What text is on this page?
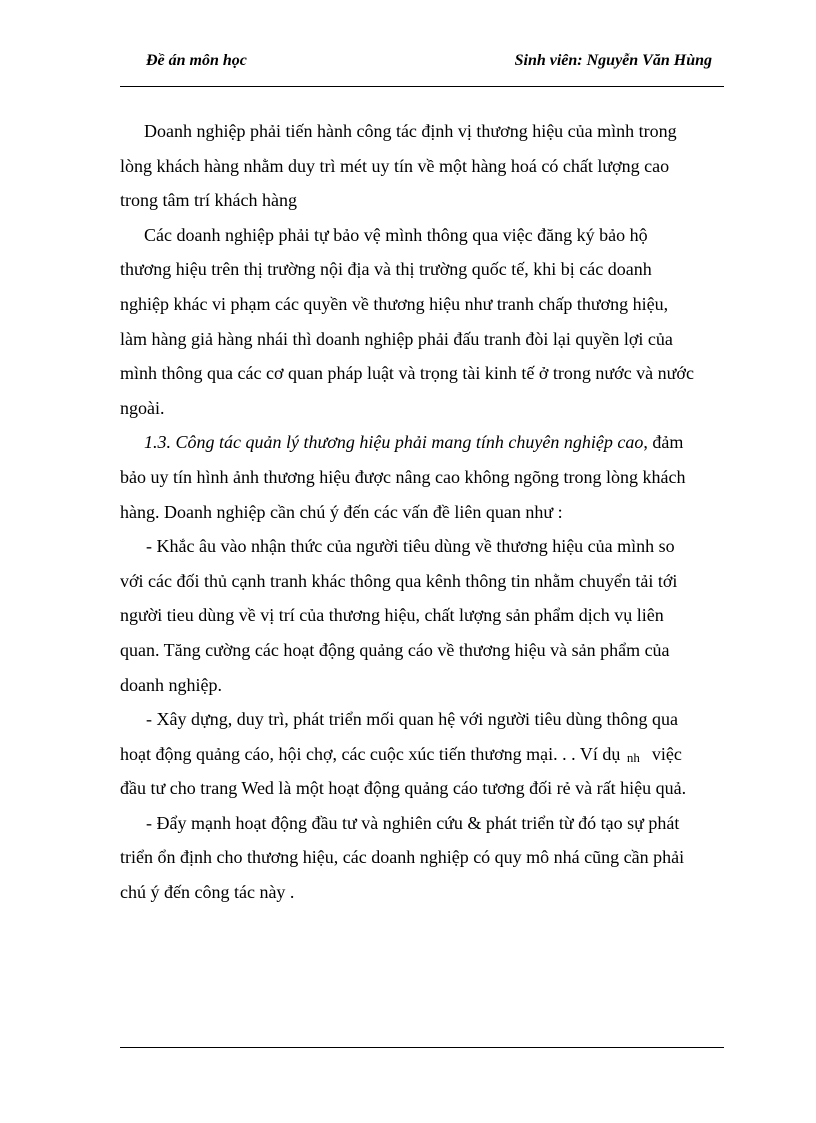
Đề án môn học	Sinh viên: Nguyễn Văn Hùng
Doanh nghiệp phải tiến hành công tác định vị thương hiệu của mình trong
lòng khách hàng nhằm duy trì mét uy tín về một hàng hoá có chất lượng cao
trong tâm trí khách hàng
Các doanh nghiệp phải tự bảo vệ mình thông qua việc đăng ký bảo hộ
thương hiệu trên thị trường nội địa và thị trường quốc tế, khi bị các doanh
nghiệp khác vi phạm các quyền về thương hiệu như tranh chấp thương hiệu,
làm hàng giả hàng nhái thì doanh nghiệp phải đấu tranh đòi lại quyền lợi của
mình thông qua các cơ quan pháp luật và trọng tài kinh tế ở trong nước và nước
ngoài.
1.3. Công tác quản lý thương hiệu phải mang tính chuyên nghiệp cao, đảm
bảo uy tín hình ảnh thương hiệu được nâng cao không ngõng trong lòng khách
hàng. Doanh nghiệp cần chú ý đến các vấn đề liên quan như :
- Khắc âu vào nhận thức của người tiêu dùng về thương hiệu của mình so
với các đối thủ cạnh tranh khác thông qua kênh thông tin nhằm chuyển tải tới
người tieu dùng về vị trí của thương hiệu, chất lượng sản phẩm dịch vụ liên
quan. Tăng cường các hoạt động quảng cáo về thương hiệu và sản phẩm của
doanh nghiệp.
- Xây dựng, duy trì, phát triển mối quan hệ với người tiêu dùng thông qua
hoạt động quảng cáo, hội chợ, các cuộc xúc tiến thương mại. . . Ví dụ nh việc
đầu tư cho trang Wed là một hoạt động quảng cáo tương đối rẻ và rất hiệu quả.
- Đẩy mạnh hoạt động đầu tư và nghiên cứu & phát triển từ đó tạo sự phát
triển ổn định cho thương hiệu, các doanh nghiệp có quy mô nhá cũng cần phải
chú ý đến công tác này .
